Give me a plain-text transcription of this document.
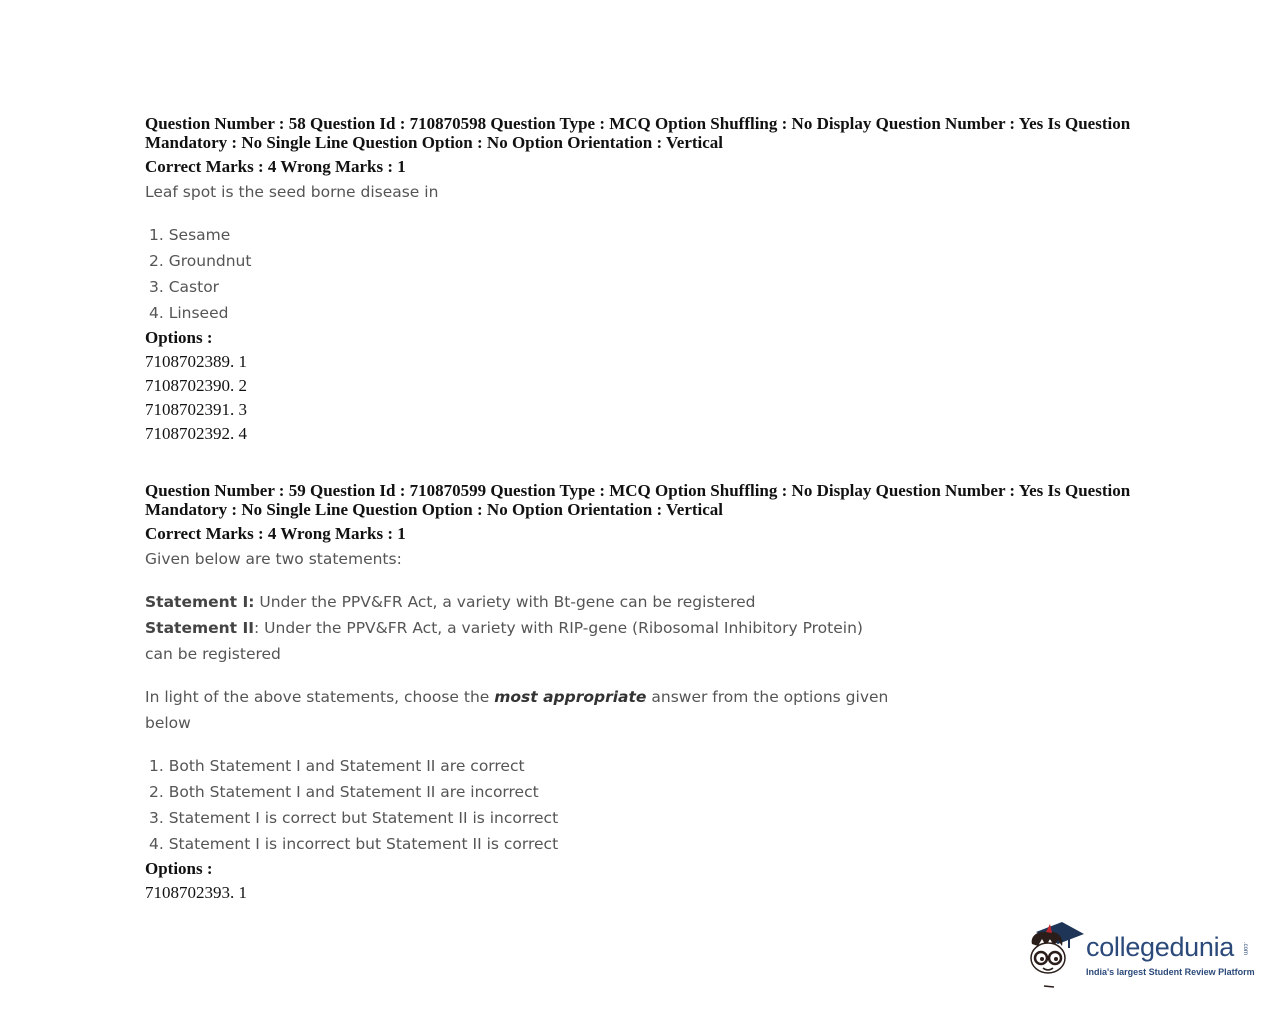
Question Number : 58 Question Id : 710870598 Question Type : MCQ Option Shuffling : No Display Question Number : Yes Is Question
Mandatory : No Single Line Question Option : No Option Orientation : Vertical
Correct Marks : 4 Wrong Marks : 1
Leaf spot is the seed borne disease in
1. Sesame
2. Groundnut
3. Castor
4. Linseed
Options :
7108702389. 1
7108702390. 2
7108702391. 3
7108702392. 4
Question Number : 59 Question Id : 710870599 Question Type : MCQ Option Shuffling : No Display Question Number : Yes Is Question
Mandatory : No Single Line Question Option : No Option Orientation : Vertical
Correct Marks : 4 Wrong Marks : 1
Given below are two statements:
Statement I: Under the PPV&FR Act, a variety with Bt-gene can be registered
Statement II: Under the PPV&FR Act, a variety with RIP-gene (Ribosomal Inhibitory Protein)
can be registered
In light of the above statements, choose the most appropriate answer from the options given
below
1. Both Statement I and Statement II are correct
2. Both Statement I and Statement II are incorrect
3. Statement I is correct but Statement II is incorrect
4. Statement I is incorrect but Statement II is correct
Options :
7108702393. 1
collegedunia .com
India's largest Student Review Platform
